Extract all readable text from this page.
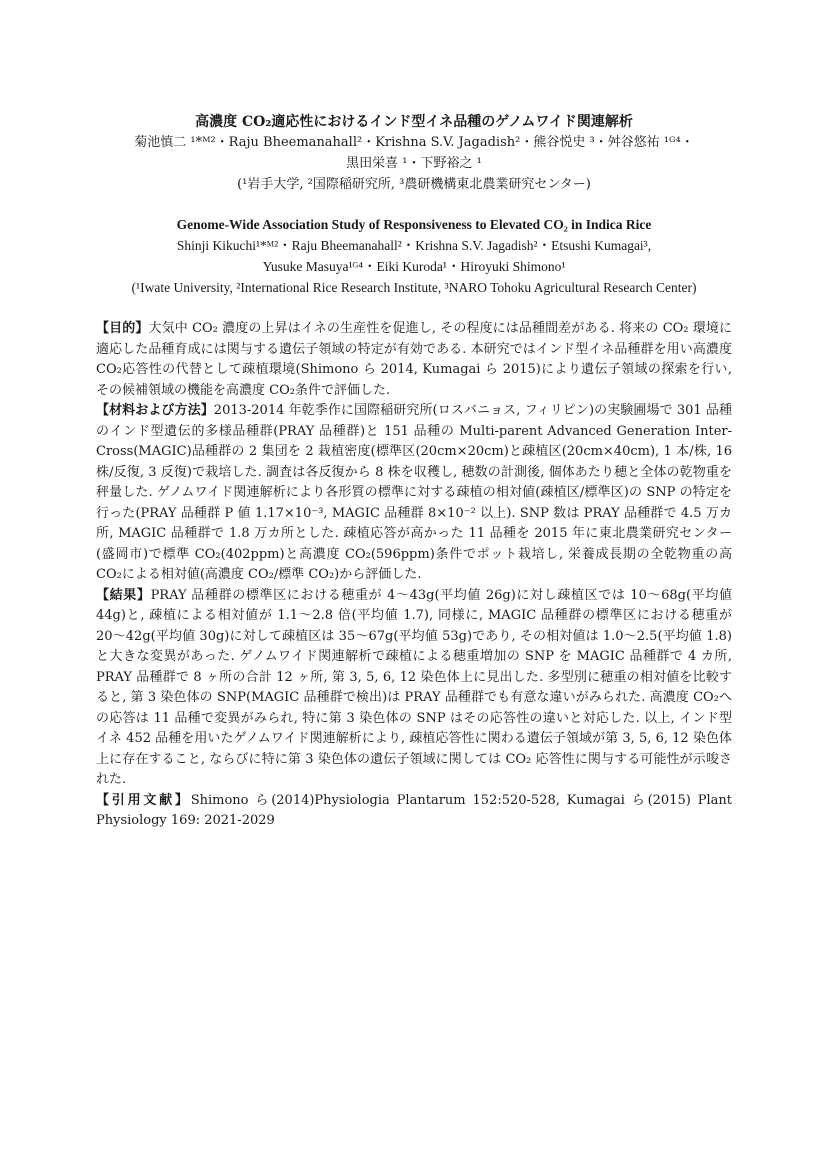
高濃度 CO₂適応性におけるインド型イネ品種のゲノムワイド関連解析

菊池慎二 ¹*ᴹ²・Raju Bheemanahall²・Krishna S.V. Jagadish²・熊谷悦史 ³・舛谷悠祐 ¹ᴳ⁴・
黒田栄喜 ¹・下野裕之 ¹

(¹岩手大学, ²国際稲研究所, ³農研機構東北農業研究センター)

Genome-Wide Association Study of Responsiveness to Elevated CO₂ in Indica Rice

Shinji Kikuchi¹*ᴹ²・Raju Bheemanahall²・Krishna S.V. Jagadish²・Etsushi Kumagai³,
Yusuke Masuya¹ᴳ⁴・Eiki Kuroda¹・Hiroyuki Shimono¹

(¹Iwate University, ²International Rice Research Institute, ³NARO Tohoku Agricultural Research Center)

【目的】大気中 CO₂ 濃度の上昇はイネの生産性を促進し, その程度には品種間差がある. 将来の CO₂ 環境に適応した品種育成には関与する遺伝子領域の特定が有効である. 本研究ではインド型イネ品種群を用い高濃度 CO₂応答性の代替として疎植環境(Shimono ら 2014, Kumagai ら 2015)により遺伝子領域の探索を行い, その候補領域の機能を高濃度 CO₂条件で評価した.

【材料および方法】2013-2014 年乾季作に国際稲研究所(ロスバニョス, フィリピン)の実験圃場で 301 品種のインド型遺伝的多様品種群(PRAY 品種群)と 151 品種の Multi-parent Advanced Generation Inter-Cross(MAGIC)品種群の 2 集団を 2 栽植密度(標準区(20cm×20cm)と疎植区(20cm×40cm), 1 本/株, 16 株/反復, 3 反復)で栽培した. 調査は各反復から 8 株を収穫し, 穂数の計測後, 個体あたり穂と全体の乾物重を秤量した. ゲノムワイド関連解析により各形質の標準に対する疎植の相対値(疎植区/標準区)の SNP の特定を行った(PRAY 品種群 P 値 1.17×10⁻³, MAGIC 品種群 8×10⁻² 以上). SNP 数は PRAY 品種群で 4.5 万カ所, MAGIC 品種群で 1.8 万カ所とした. 疎植応答が高かった 11 品種を 2015 年に東北農業研究センター(盛岡市)で標準 CO₂(402ppm)と高濃度 CO₂(596ppm)条件でポット栽培し, 栄養成長期の全乾物重の高 CO₂による相対値(高濃度 CO₂/標準 CO₂)から評価した.

【結果】PRAY 品種群の標準区における穂重が 4〜43g(平均値 26g)に対し疎植区では 10〜68g(平均値 44g)と, 疎植による相対値が 1.1〜2.8 倍(平均値 1.7), 同様に, MAGIC 品種群の標準区における穂重が 20〜42g(平均値 30g)に対して疎植区は 35〜67g(平均値 53g)であり, その相対値は 1.0〜2.5(平均値 1.8)と大きな変異があった. ゲノムワイド関連解析で疎植による穂重増加の SNP を MAGIC 品種群で 4 カ所, PRAY 品種群で 8 ヶ所の合計 12 ヶ所, 第 3, 5, 6, 12 染色体上に見出した. 多型別に穂重の相対値を比較すると, 第 3 染色体の SNP(MAGIC 品種群で検出)は PRAY 品種群でも有意な違いがみられた. 高濃度 CO₂への応答は 11 品種で変異がみられ, 特に第 3 染色体の SNP はその応答性の違いと対応した. 以上, インド型イネ 452 品種を用いたゲノムワイド関連解析により, 疎植応答性に関わる遺伝子領域が第 3, 5, 6, 12 染色体上に存在すること, ならびに特に第 3 染色体の遺伝子領域に関しては CO₂ 応答性に関与する可能性が示唆された.

【引用文献】Shimono ら(2014)Physiologia Plantarum 152:520-528, Kumagai ら(2015) Plant Physiology 169: 2021-2029
